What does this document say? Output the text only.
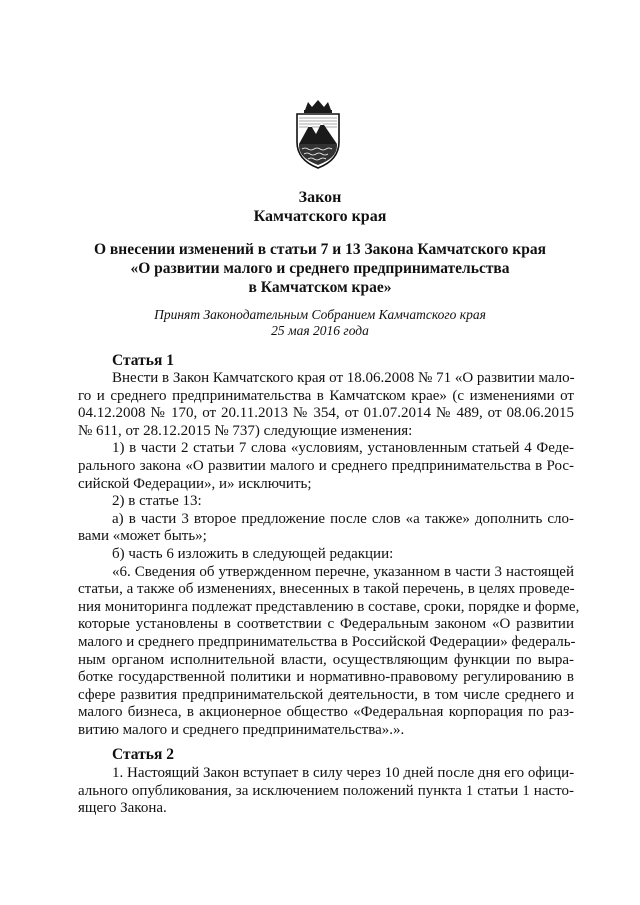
Закон
Камчатского края
О внесении изменений в статьи 7 и 13 Закона Камчатского края
«О развитии малого и среднего предпринимательства
в Камчатском крае»
Принят Законодательным Собранием Камчатского края
25 мая 2016 года
Статья 1
Внести в Закон Камчатского края от 18.06.2008 № 71 «О развитии мало-
го и среднего предпринимательства в Камчатском крае» (с изменениями от
04.12.2008 № 170, от 20.11.2013 № 354, от 01.07.2014 № 489, от 08.06.2015
№ 611, от 28.12.2015 № 737) следующие изменения:
1) в части 2 статьи 7 слова «условиям, установленным статьей 4 Феде-
рального закона «О развитии малого и среднего предпринимательства в Рос-
сийской Федерации», и» исключить;
2) в статье 13:
а) в части 3 второе предложение после слов «а также» дополнить сло-
вами «может быть»;
б) часть 6 изложить в следующей редакции:
«6. Сведения об утвержденном перечне, указанном в части 3 настоящей
статьи, а также об изменениях, внесенных в такой перечень, в целях проведе-
ния мониторинга подлежат представлению в составе, сроки, порядке и форме,
которые установлены в соответствии с Федеральным законом «О развитии
малого и среднего предпринимательства в Российской Федерации» федераль-
ным органом исполнительной власти, осуществляющим функции по выра-
ботке государственной политики и нормативно-правовому регулированию в
сфере развития предпринимательской деятельности, в том числе среднего и
малого бизнеса, в акционерное общество «Федеральная корпорация по раз-
витию малого и среднего предпринимательства».».
Статья 2
1. Настоящий Закон вступает в силу через 10 дней после дня его офици-
ального опубликования, за исключением положений пункта 1 статьи 1 насто-
ящего Закона.
